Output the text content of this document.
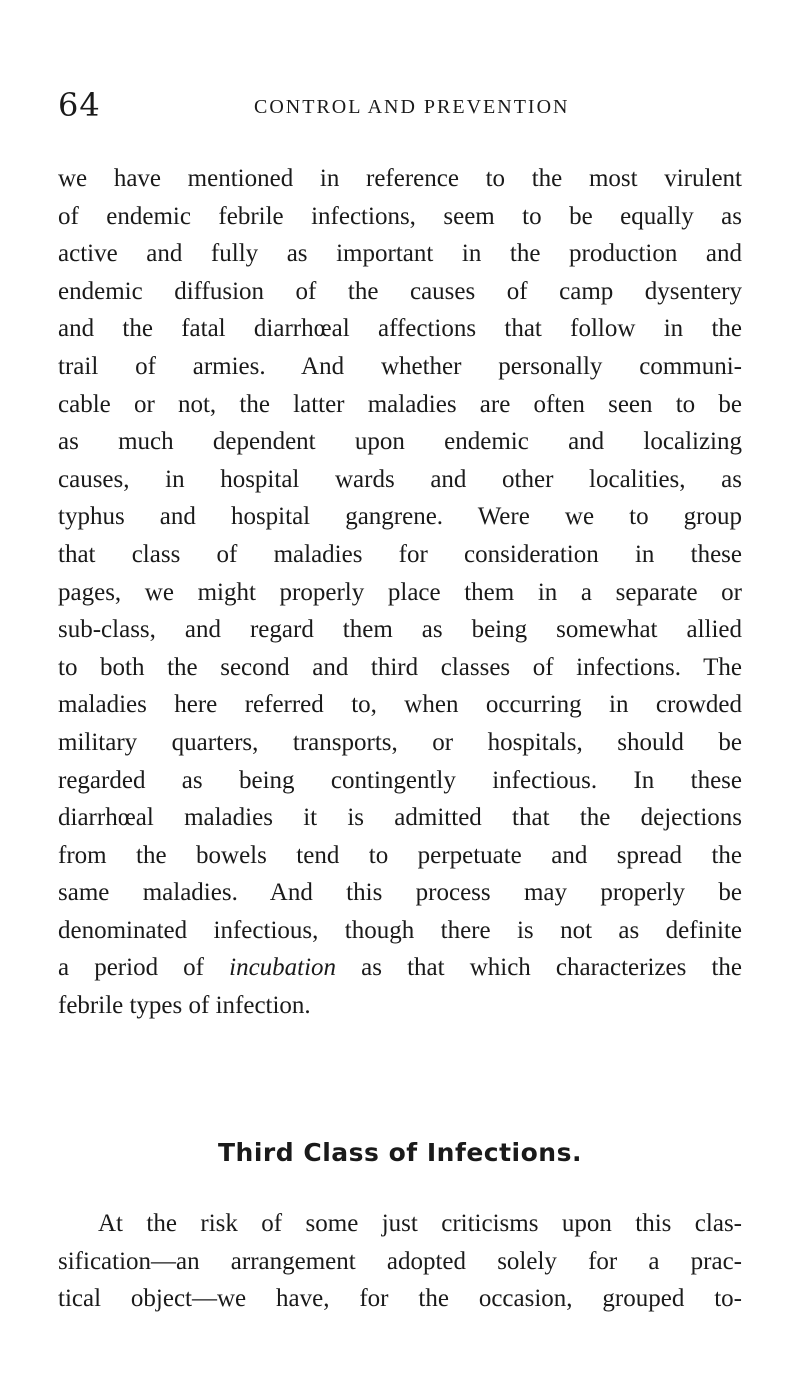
64	CONTROL AND PREVENTION
we have mentioned in reference to the most virulent
of endemic febrile infections, seem to be equally as
active and fully as important in the production and
endemic diffusion of the causes of camp dysentery
and the fatal diarrhœal affections that follow in the
trail of armies. And whether personally communi-
cable or not, the latter maladies are often seen to be
as much dependent upon endemic and localizing
causes, in hospital wards and other localities, as
typhus and hospital gangrene. Were we to group
that class of maladies for consideration in these
pages, we might properly place them in a separate or
sub-class, and regard them as being somewhat allied
to both the second and third classes of infections. The
maladies here referred to, when occurring in crowded
military quarters, transports, or hospitals, should be
regarded as being contingently infectious. In these
diarrhœal maladies it is admitted that the dejections
from the bowels tend to perpetuate and spread the
same maladies. And this process may properly be
denominated infectious, though there is not as definite
a period of incubation as that which characterizes the
febrile types of infection.
Third Class of Infections.
At the risk of some just criticisms upon this clas-
sification—an arrangement adopted solely for a prac-
tical object—we have, for the occasion, grouped to-
